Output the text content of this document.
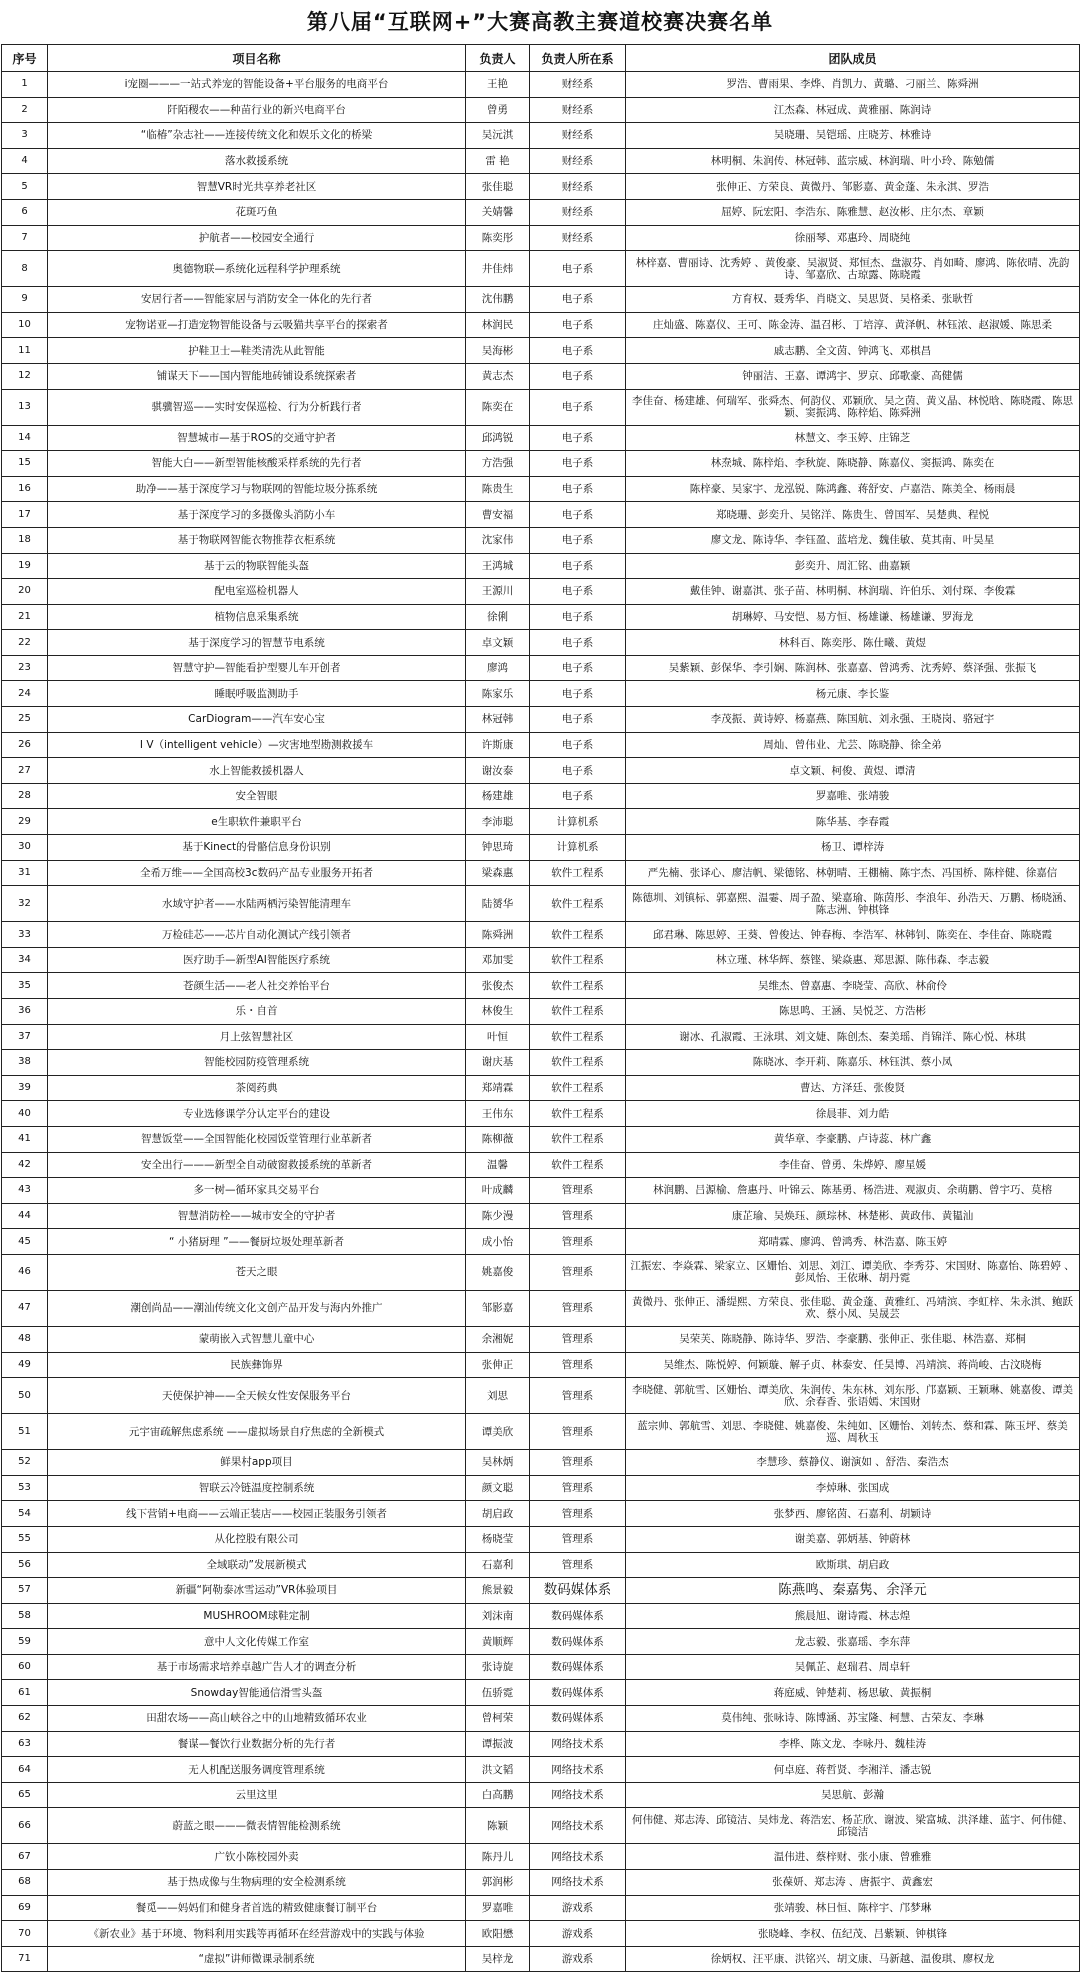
第八届“互联网+”大赛高教主赛道校赛决赛名单
序号	项目名称	负责人	负责人所在系	团队成员
1	i宠圈———一站式养宠的智能设备+平台服务的电商平台	王艳	财经系	罗浩、曹雨果、李烨、肖凯力、黄璐、刁丽兰、陈舜洲
2	阡陌稷农——种苗行业的新兴电商平台	曾勇	财经系	江杰森、林冠成、黄雅丽、陈润诗
3	“临椿”杂志社——连接传统文化和娱乐文化的桥梁	吴沅淇	财经系	吴晓珊、吴铠瑶、庄晓芳、林雅诗
4	落水救援系统	雷 艳	财经系	林明桐、朱润传、林冠韩、蓝宗威、林润瑞、叶小玲、陈勉儒
5	智慧VR时光共享养老社区	张佳聪	财经系	张伸正、方荣良、黄微丹、邹影嘉、黄金蓬、朱永淇、罗浩
6	花斑巧鱼	关婧馨	财经系	屈婷、阮宏阳、李浩东、陈雅慧、赵汝彬、庄尔杰、章颖
7	护航者——校园安全通行	陈奕彤	财经系	徐丽琴、邓惠玲、周晓纯
8	奥德物联—系统化远程科学护理系统	井佳炜	电子系	林梓嘉、曹丽诗、沈秀婷 、黄俊豪、吴淑贤、郑恒杰、盘淑芬、肖如畸、廖鸿、陈依晴、冼韵诗、邹嘉欣、古琼露、陈晓霞
9	安居行者——智能家居与消防安全一体化的先行者	沈伟鹏	电子系	方育权、聂秀华、肖晓文、吴思贤、吴格柔、张耿哲
10	宠物诺亚—打造宠物智能设备与云吸猫共享平台的探索者	林润民	电子系	庄灿盛、陈嘉仪、王可、陈金涛、温召彬、丁培淳、黄泽帆、林钰浓、赵淑媛、陈思柔
11	护鞋卫士—鞋类清洗从此智能	吴海彬	电子系	戚志鹏、全文茵、钟鸿飞、邓棋昌
12	铺谋天下——国内智能地砖铺设系统探索者	黄志杰	电子系	钟丽洁、王嘉、谭鸿宇、罗京、邱歌豪、高健儒
13	骐骥智巡——实时安保巡检、行为分析践行者	陈奕在	电子系	李佳奋、杨建雄、何瑞军、张舜杰、何韵仪、邓颖欣、吴之茵、黄义晶、林悦晗、陈晓霞、陈思颖、窦振鸿、陈梓焰、陈舜洲
14	智慧城市—基于ROS的交通守护者	邱鸿锐	电子系	林慧文、李玉婷、庄锦芝
15	智能大白——新型智能核酸采样系统的先行者	方浩强	电子系	林焘城、陈梓焰、李秋旋、陈晓静、陈嘉仪、窦振鸿、陈奕在
16	助净——基于深度学习与物联网的智能垃圾分拣系统	陈贵生	电子系	陈梓豪、吴家宇、龙泓锐、陈鸿鑫、蒋舒安、卢嘉浩、陈美全、杨雨晨
17	基于深度学习的多摄像头消防小车	曹安福	电子系	郑晓珊、彭奕升、吴铭洋、陈贵生、曾国军、吴楚典、程悦
18	基于物联网智能衣物推荐衣柜系统	沈家伟	电子系	廖文龙、陈诗华、李钰盈、蓝培龙、魏佳敏、莫其南、叶昊星
19	基于云的物联智能头盔	王鸿城	电子系	彭奕升、周汇铭、曲嘉颖
20	配电室巡检机器人	王源川	电子系	戴佳钟、谢嘉淇、张子苗、林明桐、林润瑞、许伯乐、刘付琛、李俊霖
21	植物信息采集系统	徐俐	电子系	胡琳婷、马安恺、易方恒、杨雄谦、杨雄谦、罗海龙
22	基于深度学习的智慧节电系统	卓文颖	电子系	林科百、陈奕彤、陈仕曦、黄煜
23	智慧守护—智能看护型婴儿车开创者	廖鸿	电子系	吴紫颖、彭保华、李引娴、陈润林、张嘉嘉、曾鸿秀、沈秀婷、蔡泽强、张振飞
24	睡眠呼吸监测助手	陈家乐	电子系	杨元康、李长鉴
25	CarDiogram——汽车安心宝	林冠韩	电子系	李茂振、黄诗婷、杨嘉燕、陈国航、刘永强、王晓岗、骆冠宇
26	I V（intelligent vehicle）—灾害地型勘测救援车	许斯康	电子系	周灿、曾伟业、尤芸、陈晓静、徐全弟
27	水上智能救援机器人	谢汝泰	电子系	卓文颖、柯俊、黄煜、谭清
28	安全智眼	杨建雄	电子系	罗嘉唯、张靖骏
29	e生职软件兼职平台	李沛聪	计算机系	陈华基、李春霞
30	基于Kinect的骨骼信息身份识别	钟思琦	计算机系	杨卫、谭梓涛
31	全希万维——全国高校3c数码产品专业服务开拓者	梁森惠	软件工程系	严先楠、张译心、廖洁帆、梁德铭、林朝晴、王棚楠、陈宇杰、冯国桥、陈梓健、徐嘉信
32	水域守护者——水陆两栖污染智能清理车	陆赟华	软件工程系	陈德圳、刘镇标、郭嘉熙、温霎、周子盈、梁嘉瑜、陈茵彤、李浪年、孙浩天、万鹏、杨晓涵、陈志洲、钟棋锋
33	万检硅芯——芯片自动化测试产线引领者	陈舜洲	软件工程系	邱君琳、陈思婷、王葵、曾俊达、钟春梅、李浩军、林韩钊、陈奕在、李佳奋、陈晓霞
34	医疗助手—新型AI智能医疗系统	邓加雯	软件工程系	林立瑾、林华辉、蔡铿、梁焱惠、郑思源、陈伟森、李志毅
35	苍颜生活——老人社交养怡平台	张俊杰	软件工程系	吴维杰、曾嘉惠、李晓莹、高欣、林俞伶
36	乐・自首	林俊生	软件工程系	陈思鸣、王涵、吴悦芝、方浩彬
37	月上弦智慧社区	叶恒	软件工程系	谢冰、孔淑霞、王泳琪、刘文婕、陈创杰、秦美瑶、肖锦洋、陈心悦、林琪
38	智能校园防疫管理系统	谢庆基	软件工程系	陈晓冰、李开莉、陈嘉乐、林钰淇、蔡小凤
39	茶阅药典	郑靖霖	软件工程系	曹达、方泽廷、张俊贤
40	专业选修课学分认定平台的建设	王伟东	软件工程系	徐晨菲、刘力皓
41	智慧饭堂——全国智能化校园饭堂管理行业革新者	陈柳薇	软件工程系	黄华章、李豪鹏、卢诗蕊、林广鑫
42	安全出行———新型全自动破窗救援系统的革新者	温馨	软件工程系	李佳奋、曾勇、朱烨婷、廖星媛
43	多一树—循环家具交易平台	叶成麟	管理系	林润鹏、吕源榆、詹惠丹、叶锦云、陈基勇、杨浩进、观淑贞、余萌鹏、曾宇巧、莫榕
44	智慧消防栓——城市安全的守护者	陈少漫	管理系	康芷瑜、吴焕珏、颜琮林、林楚彬、黄政伟、黄韫汕
45	“ 小猪厨理 ”——餐厨垃圾处理革新者	成小怡	管理系	郑晴霖、廖鸿、曾鸿秀、林浩嘉、陈玉婷
46	苍天之眼	姚嘉俊	管理系	江振宏、李焱霖、梁家立、区姗怡、刘思、刘江、谭美欣、李秀芬、宋国财、陈嘉怡、陈碧婷 、彭凤怡、王依琳、胡丹霓
47	潮创尚品——潮汕传统文化文创产品开发与海内外推广	邹影嘉	管理系	黄微丹、张伸正、潘缇熙、方荣良、张佳聪、黄金蓬、黄雅红、冯靖滨、李虹梓、朱永淇、鲍跃欢、蔡小凤、吴晟芸
48	蒙萌嵌入式智慧儿童中心	余湘妮	管理系	吴荣芙、陈晓静、陈诗华、罗浩、李豪鹏、张伸正、张佳聪、林浩嘉、郑桐
49	民族彝饰界	张伸正	管理系	吴维杰、陈悦婷、何颖璇、解子贞、林泰安、任昊博、冯靖滨、蒋尚峻、古汶晓梅
50	天使保护神——全天候女性安保服务平台	刘思	管理系	李晓健、郭航雪、区姗怡、谭美欣、朱润传、朱东林、刘东彤、邝嘉颖、王颖琳、姚嘉俊、谭美欣、余春香、张语嫣、宋国财
51	元宇宙疏解焦虑系统 ——虚拟场景自疗焦虑的全新模式	谭美欣	管理系	蓝宗帅、郭航雪、刘思、李晓健、姚嘉俊、朱纯如、区姗怡、刘转杰、蔡和霖、陈玉坪、蔡美巡、周秋玉
52	鲜果村app项目	吴林炳	管理系	李慧珍、蔡静仪、谢演如 、舒浩、秦浩杰
53	智联云冷链温度控制系统	颜文聪	管理系	李焯琳、张国成
54	线下营销+电商——云端正装店——校园正装服务引领者	胡启政	管理系	张梦西、廖铭茵、石嘉利、胡颖诗
55	从化控股有限公司	杨晓莹	管理系	谢美嘉、郭炳基、钟蔚林
56	全域联动”发展新模式	石嘉利	管理系	欧斯琪、胡启政
57	新疆“阿勒泰冰雪运动”VR体验项目	熊景毅	数码媒体系	陈燕鸣、秦嘉隽、余泽元
58	MUSHROOM球鞋定制	刘沫南	数码媒体系	熊晨旭、谢诗霞、林志煌
59	意中人文化传媒工作室	黄顺辉	数码媒体系	龙志毅、张嘉瑶、李东萍
60	基于市场需求培养卓越广告人才的调查分析	张诗旋	数码媒体系	吴佩芷、赵瑞君、周卓轩
61	Snowday智能通信滑雪头盔	伍骄霓	数码媒体系	蒋庭威、钟楚莉、杨思敏、黄振桐
62	田甜农场——高山峡谷之中的山地精致循环农业	曾柯荣	数码媒体系	莫伟纯、张咏诗、陈博涵、苏宝隆、柯慧、古荣友、李琳
63	餐谋—餐饮行业数据分析的先行者	谭振波	网络技术系	李桦、陈文龙、李咏丹、魏桂涛
64	无人机配送服务调度管理系统	洪文韬	网络技术系	何卓庭、蒋哲贤、李湘洋、潘志锐
65	云里这里	白高鹏	网络技术系	吴思航、彭瀚
66	蔚蓝之眼———微表情智能检测系统	陈颖	网络技术系	何伟健、郑志涛、邱镜洁、吴炜龙、蒋浩宏、杨芷欣、谢波、梁富城、洪泽雄、蓝宇、何伟健、邱镜洁
67	广钦小陈校园外卖	陈丹儿	网络技术系	温伟进、蔡梓财、张小康、曾雅雅
68	基于热成像与生物病理的安全检测系统	郭润彬	网络技术系	张葆妍、郑志涛 、唐振宇、黄鑫宏
69	餐觅——妈妈们和健身者首选的精致健康餐订制平台	罗嘉唯	游戏系	张靖骏、林日恒、陈梓宇、邝梦琳
70	《新农业》基于环境、物料利用实践等再循环在经营游戏中的实践与体验	欧阳懋	游戏系	张晓峰、李权、伍纪茂、吕紫颖、钟棋锋
71	“虚拟”讲师微课录制系统	吴梓龙	游戏系	徐炳权、汪平康、洪铭兴、胡文康、马新越、温俊琪、廖权龙
